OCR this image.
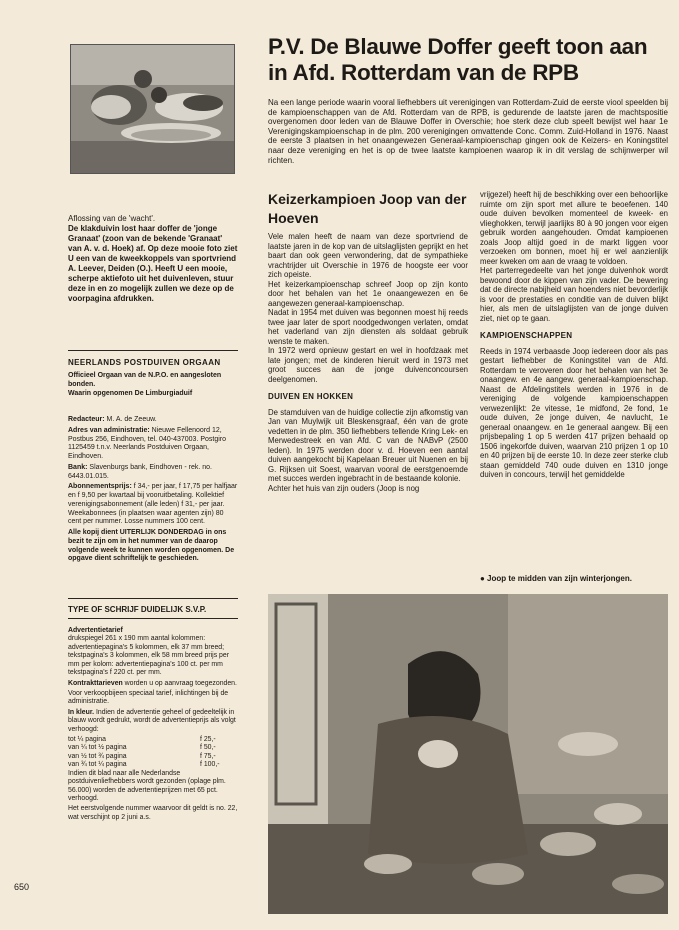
Aflossing van de 'wacht'.
De klakduivin lost haar doffer de 'jonge Granaat' (zoon van de bekende 'Granaat' van A. v. d. Hoek) af. Op deze mooie foto ziet U een van de kweekkoppels van sportvriend A. Leever, Deiden (O.). Heeft U een mooie, scherpe aktiefoto uit het duivenleven, stuur deze in en zo mogelijk zullen we deze op de voorpagina afdrukken.
NEERLANDS POSTDUIVEN ORGAAN
Officieel Orgaan van de N.P.O. en aangesloten bonden.
Waarin opgenomen De Limburgiaduif

Redacteur: M. A. de Zeeuw.

Adres van administratie: Nieuwe Fellenoord 12, Postbus 256, Eindhoven, tel. 040-437003. Postgiro 1125459 t.n.v. Neerlands Postduiven Orgaan, Eindhoven.

Bank: Slavenburgs bank, Eindhoven - rek. no. 6443.01.015.

Abonnementsprijs: f 34,- per jaar, f 17,75 per halfjaar en f 9,50 per kwartaal bij vooruitbetaling. Kollektief verenigingsabonnement (alle leden) f 31,- per jaar. Weekabonnees (in plaatsen waar agenten zijn) 80 cent per nummer. Losse nummers 100 cent.

Alle kopij dient UITERLIJK DONDERDAG in ons bezit te zijn om in het nummer van de daarop volgende week te kunnen worden opgenomen. De opgave dient schriftelijk te geschieden.

TYPE OF SCHRIJF DUIDELIJK S.V.P.

Advertentietarief
drukspiegel 261 x 190 mm aantal kolommen: advertentiepagina's 5 kolommen, elk 37 mm breed; tekstpagina's 3 kolommen, elk 58 mm breed prijs per mm per kolom: advertentiepagina's 100 ct. per mm tekstpagina's f 220 ct. per mm.

Kontrakttarieven worden u op aanvraag toegezonden.

Voor verkoopbijeen speciaal tarief, inlichtingen bij de administratie.

In kleur. Indien de advertentie geheel of gedeeltelijk in blauw wordt gedrukt, wordt de advertentieprijs als volgt verhoogd:

tot ¼ pagina	f 25,-
van ¼ tot ½ pagina	f 50,-
van ½ tot ¾ pagina	f 75,-
van ¾ tot ¼ pagina	f 100,-

Indien dit blad naar alle Nederlandse postduivenliefhebbers wordt gezonden (oplage plm. 56.000) worden de advertentieprijzen met 65 pct. verhoogd.

Het eerstvolgende nummer waarvoor dit geldt is no. 22, wat verschijnt op 2 juni a.s.

650
P.V. De Blauwe Doffer geeft toon aan in Afd. Rotterdam van de RPB
Na een lange periode waarin vooral liefhebbers uit verenigingen van Rotterdam-Zuid de eerste viool speelden bij de kampioenschappen van de Afd. Rotterdam van de RPB, is gedurende de laatste jaren de machtspositie overgenomen door leden van de Blauwe Doffer in Overschie; hoe sterk deze club speelt bewijst wel haar 1e Verenigingskampioenschap in de plm. 200 verenigingen omvattende Conc. Comm. Zuid-Holland in 1976. Naast de eerste 3 plaatsen in het onaangewezen Generaal-kampioenschap gingen ook de Keizers- en Koningstitel naar deze vereniging en het is op de twee laatste kampioenen waarop ik in dit verslag de schijnwerper wil richten.
Keizerkampioen Joop van der Hoeven

Vele malen heeft de naam van deze sportvriend de laatste jaren in de kop van de uitslaglijsten geprijkt en het baart dan ook geen verwondering, dat de sympathieke vrachtrijder uit Overschie in 1976 de hoogste eer voor zich opeiste.

Het keizerkampioenschap schreef Joop op zijn konto door het behalen van het 1e onaangewezen en 6e aangewezen generaal-kampioenschap.

Nadat in 1954 met duiven was begonnen moest hij reeds twee jaar later de sport noodgedwongen verlaten, omdat het vaderland van zijn diensten als soldaat gebruik wenste te maken.

In 1972 werd opnieuw gestart en wel in hoofdzaak met late jongen; met de kinderen hieruit werd in 1973 met groot succes aan de jonge duivenconcoursen deelgenomen.

DUIVEN EN HOKKEN

De stamduiven van de huidige collectie zijn afkomstig van Jan van Muylwijk uit Bleskensgraaf, één van de grote vedetten in de plm. 350 liefhebbers tellende Kring Lek- en Merwedestreek en van Afd. C van de NABvP (2500 leden). In 1975 werden door v. d. Hoeven een aantal duiven aangekocht bij Kapelaan Breuer uit Nuenen en bij G. Rijksen uit Soest, waarvan vooral de eerstgenoemde met succes werden ingebracht in de bestaande kolonie.

Achter het huis van zijn ouders (Joop is nog

vrijgezel) heeft hij de beschikking over een behoorlijke ruimte om zijn sport met allure te beoefenen. 140 oude duiven bevolken momenteel de kweek- en vlieghokken, terwijl jaarlijks 80 à 90 jongen voor eigen gebruik worden aangehouden. Omdat kampioenen zoals Joop altijd goed in de markt liggen voor verzoeken om bonnen, moet hij er wel aanzienlijk meer kweken om aan de vraag te voldoen.

Het parterregedeelte van het jonge duivenhok wordt bewoond door de kippen van zijn vader. De bewering dat de directe nabijheid van hoenders niet bevorderlijk is voor de prestaties en conditie van de duiven blijkt hier, als men de uitslaglijsten van de jonge duiven ziet, niet op te gaan.

KAMPIOENSCHAPPEN

Reeds in 1974 verbaasde Joop iedereen door als pas gestart liefhebber de Koningstitel van de Afd. Rotterdam te veroveren door het behalen van het 3e onaangew. en 4e aangew. generaal-kampioenschap. Naast de Afdelingstitels werden in 1976 in de vereniging de volgende kampioenschappen verwezenlijkt: 2e vitesse, 1e midfond, 2e fond, 1e oude duiven, 2e jonge duiven, 4e navlucht, 1e generaal onaangew. en 1e generaal aangew. Bij een prijsbepaling 1 op 5 werden 417 prijzen behaald op 1506 ingekorfde duiven, waarvan 210 prijzen 1 op 10 en 40 prijzen bij de eerste 10. In deze zeer sterke club staan gemiddeld 740 oude duiven en 1310 jonge duiven in concours, terwijl het gemiddelde

● Joop te midden van zijn winterjongen.
